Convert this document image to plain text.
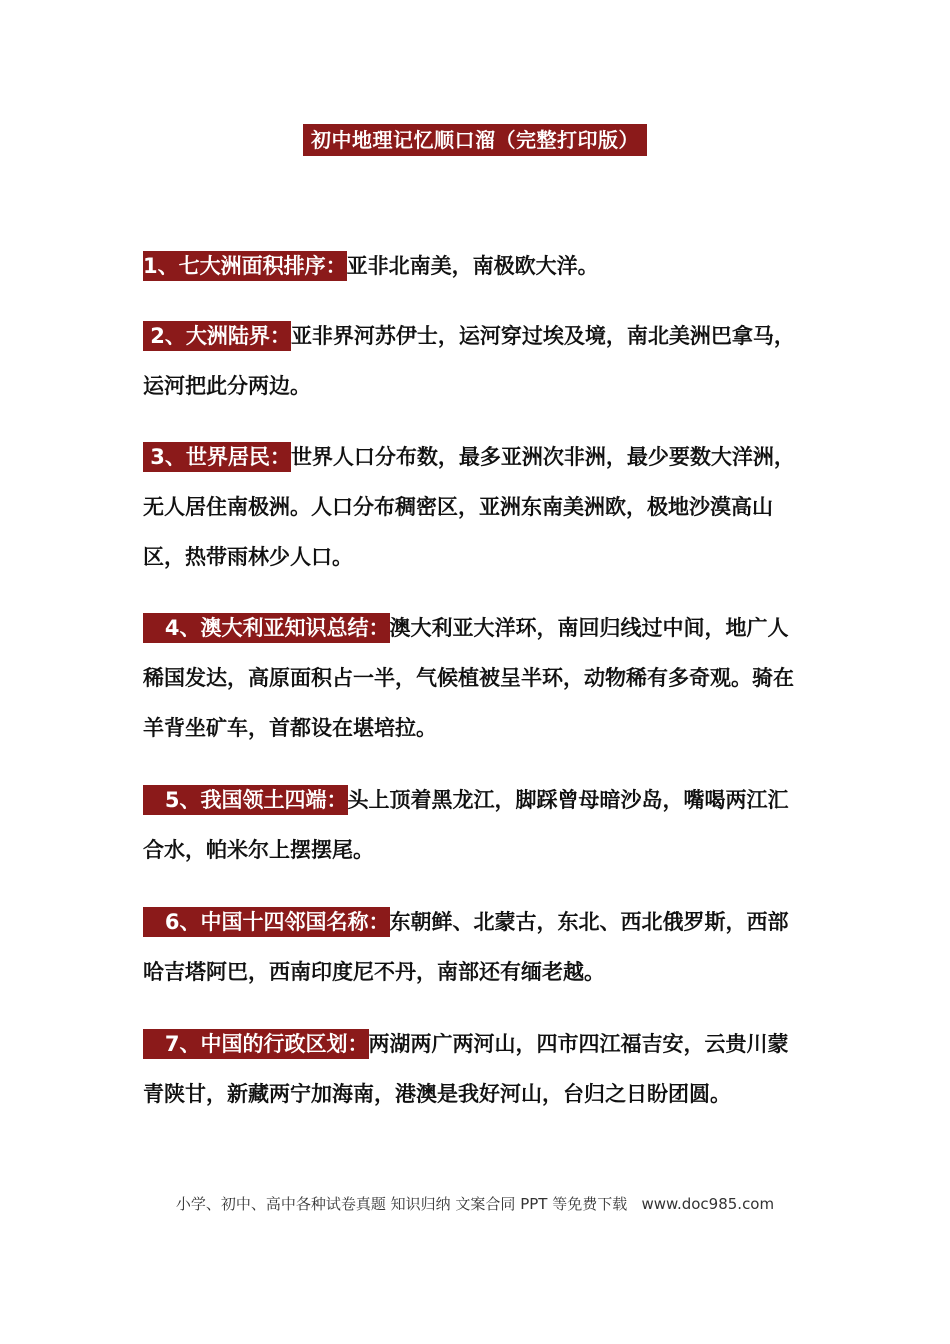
初中地理记忆顺口溜（完整打印版）
1、七大洲面积排序：亚非北南美，南极欧大洋。
2、大洲陆界：亚非界河苏伊士，运河穿过埃及境，南北美洲巴拿马，运河把此分两边。
3、世界居民：世界人口分布数，最多亚洲次非洲，最少要数大洋洲，无人居住南极洲。人口分布稠密区，亚洲东南美洲欧，极地沙漠高山区，热带雨林少人口。
4、澳大利亚知识总结：澳大利亚大洋环，南回归线过中间，地广人稀国发达，高原面积占一半，气候植被呈半环，动物稀有多奇观。骑在羊背坐矿车，首都设在堪培拉。
5、我国领土四端：头上顶着黑龙江，脚踩曾母暗沙岛，嘴喝两江汇合水，帕米尔上摆摆尾。
6、中国十四邻国名称：东朝鲜、北蒙古，东北、西北俄罗斯，西部哈吉塔阿巴，西南印度尼不丹，南部还有缅老越。
7、中国的行政区划：两湖两广两河山，四市四江福吉安，云贵川蒙青陕甘，新藏两宁加海南，港澳是我好河山，台归之日盼团圆。
小学、初中、高中各种试卷真题 知识归纳 文案合同 PPT 等免费下载   www.doc985.com
